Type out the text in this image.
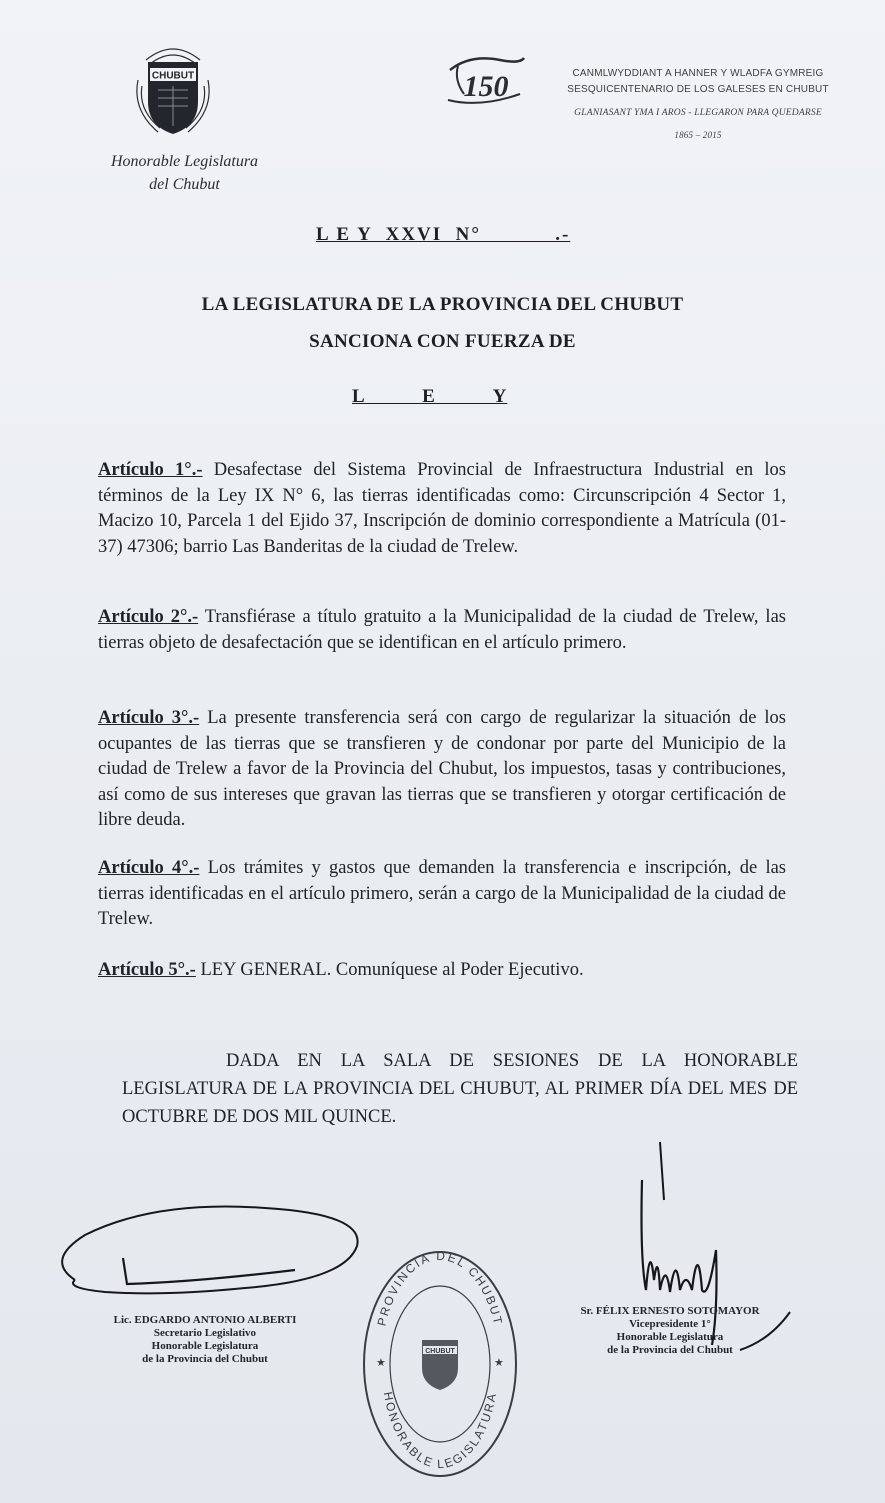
CHUBUT
Honorable Legislatura
del Chubut
150	CANMLWYDDIANT A HANNER Y WLADFA GYMREIG
SESQUICENTENARIO DE LOS GALESES EN CHUBUT
GLANIASANT YMA I AROS - LLEGARON PARA QUEDARSE
1865 – 2015
L E Y  XXVI  N°           .-
LA LEGISLATURA DE LA PROVINCIA DEL CHUBUT
SANCIONA CON FUERZA DE
L          E          Y
Artículo 1°.- Desafectase del Sistema Provincial de Infraestructura Industrial en los términos de la Ley IX N° 6, las tierras identificadas como: Circunscripción 4 Sector 1, Macizo 10, Parcela 1 del Ejido 37, Inscripción de dominio correspondiente a Matrícula (01-37) 47306; barrio Las Banderitas de la ciudad de Trelew.
Artículo 2°.- Transfiérase a título gratuito a la Municipalidad de la ciudad de Trelew, las tierras objeto de desafectación que se identifican en el artículo primero.
Artículo 3°.- La presente transferencia será con cargo de regularizar la situación de los ocupantes de las tierras que se transfieren y de condonar por parte del Municipio de la ciudad de Trelew a favor de la Provincia del Chubut, los impuestos, tasas y contribuciones, así como de sus intereses que gravan las tierras que se transfieren y otorgar certificación de libre deuda.
Artículo 4°.- Los trámites y gastos que demanden la transferencia e inscripción, de las tierras identificadas en el artículo primero, serán a cargo de la Municipalidad de la ciudad de Trelew.
Artículo 5°.- LEY GENERAL. Comuníquese al Poder Ejecutivo.
DADA EN LA SALA DE SESIONES DE LA HONORABLE LEGISLATURA DE LA PROVINCIA DEL CHUBUT, AL PRIMER DÍA DEL MES DE OCTUBRE DE DOS MIL QUINCE.
Lic. EDGARDO ANTONIO ALBERTI
Secretario Legislativo
Honorable Legislatura
de la Provincia del Chubut
PROVINCIA DEL CHUBUT
HONORABLE LEGISLATURA
★	★
CHUBUT
Sr. FÉLIX ERNESTO SOTOMAYOR
Vicepresidente 1°
Honorable Legislatura
de la Provincia del Chubut
